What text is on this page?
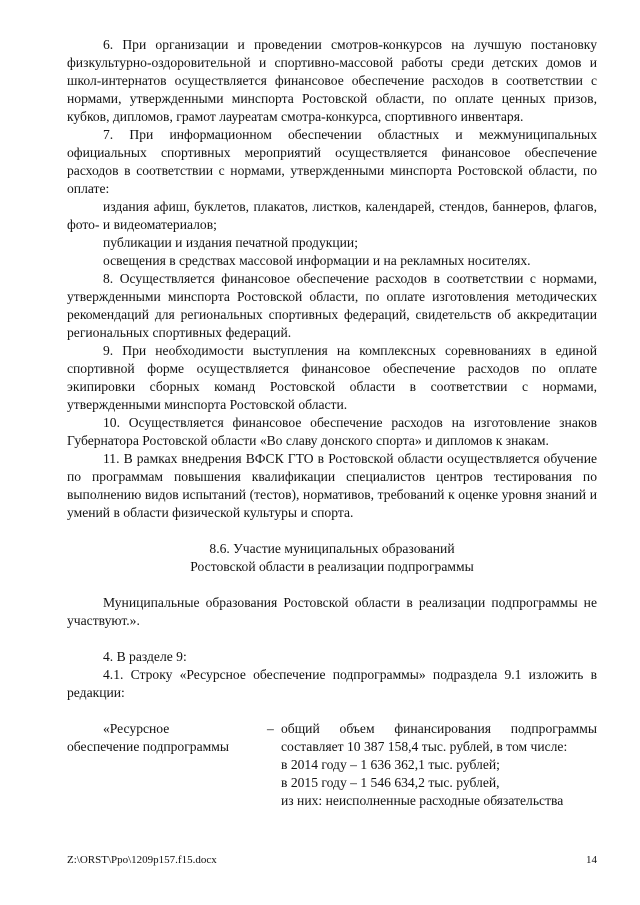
6. При организации и проведении смотров-конкурсов на лучшую постановку физкультурно-оздоровительной и спортивно-массовой работы среди детских домов и школ-интернатов осуществляется финансовое обеспечение расходов в соответствии с нормами, утвержденными минспорта Ростовской области, по оплате ценных призов, кубков, дипломов, грамот лауреатам смотра-конкурса, спортивного инвентаря.

7. При информационном обеспечении областных и межмуниципальных официальных спортивных мероприятий осуществляется финансовое обеспечение расходов в соответствии с нормами, утвержденными минспорта Ростовской области, по оплате:

издания афиш, буклетов, плакатов, листков, календарей, стендов, баннеров, флагов, фото- и видеоматериалов;

публикации и издания печатной продукции;

освещения в средствах массовой информации и на рекламных носителях.

8. Осуществляется финансовое обеспечение расходов в соответствии с нормами, утвержденными минспорта Ростовской области, по оплате изготовления методических рекомендаций для региональных спортивных федераций, свидетельств об аккредитации региональных спортивных федераций.

9. При необходимости выступления на комплексных соревнованиях в единой спортивной форме осуществляется финансовое обеспечение расходов по оплате экипировки сборных команд Ростовской области в соответствии с нормами, утвержденными минспорта Ростовской области.

10. Осуществляется финансовое обеспечение расходов на изготовление знаков Губернатора Ростовской области «Во славу донского спорта» и дипломов к знакам.

11. В рамках внедрения ВФСК ГТО в Ростовской области осуществляется обучение по программам повышения квалификации специалистов центров тестирования по выполнению видов испытаний (тестов), нормативов, требований к оценке уровня знаний и умений в области физической культуры и спорта.

8.6. Участие муниципальных образований

Ростовской области в реализации подпрограммы

Муниципальные образования Ростовской области в реализации подпрограммы не участвуют.».

4. В разделе 9:

4.1. Строку «Ресурсное обеспечение подпрограммы» подраздела 9.1 изложить в редакции:

«Ресурсное
обеспечение подпрограммы
– общий объем финансирования подпрограммы составляет 10 387 158,4 тыс. рублей, в том числе:
в 2014 году – 1 636 362,1 тыс. рублей;
в 2015 году – 1 546 634,2 тыс. рублей,
из них: неисполненные расходные обязательства
Z:\ORST\Ppo\1209p157.f15.docx	14
